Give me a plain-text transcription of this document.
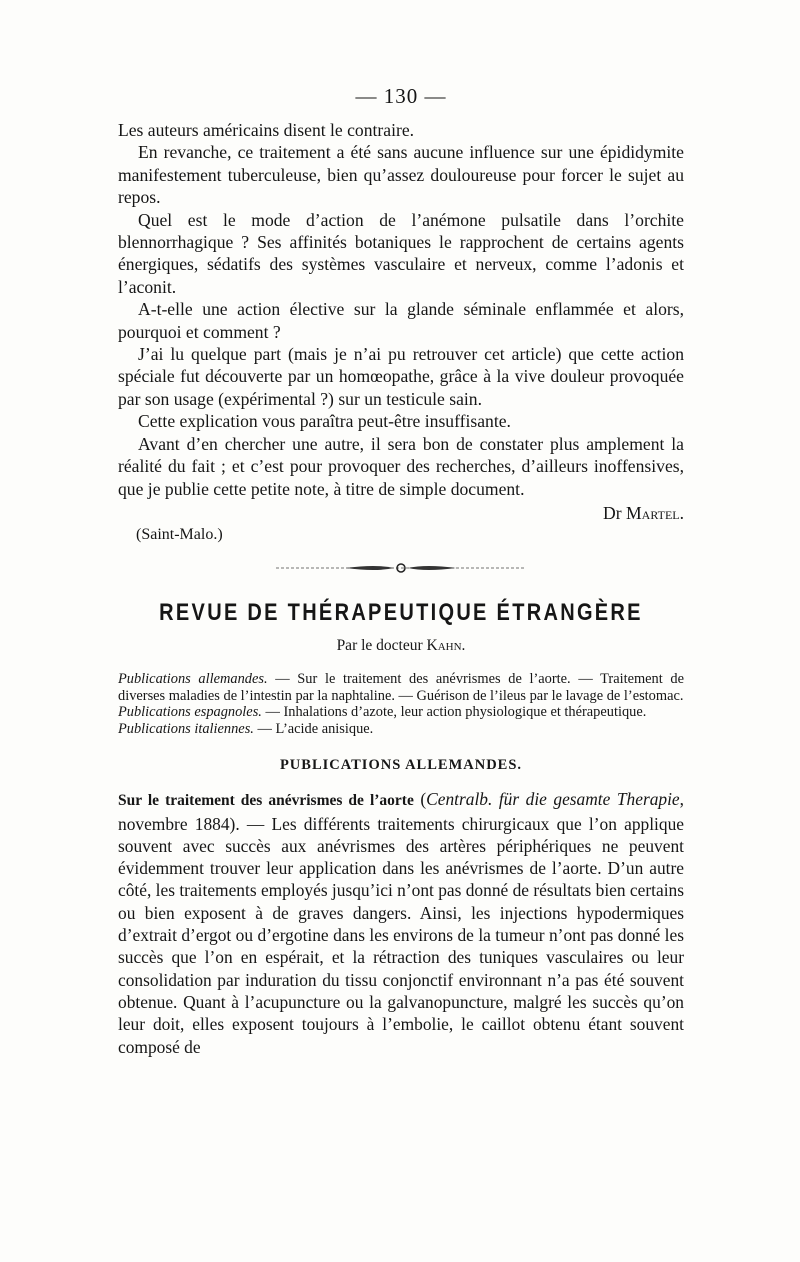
— 130 —

Les auteurs américains disent le contraire.

En revanche, ce traitement a été sans aucune influence sur une épididymite manifestement tuberculeuse, bien qu’assez douloureuse pour forcer le sujet au repos.

Quel est le mode d’action de l’anémone pulsatile dans l’orchite blennorrhagique ? Ses affinités botaniques le rapprochent de certains agents énergiques, sédatifs des systèmes vasculaire et nerveux, comme l’adonis et l’aconit.

A-t-elle une action élective sur la glande séminale enflammée et alors, pourquoi et comment ?

J’ai lu quelque part (mais je n’ai pu retrouver cet article) que cette action spéciale fut découverte par un homœopathe, grâce à la vive douleur provoquée par son usage (expérimental ?) sur un testicule sain.

Cette explication vous paraîtra peut-être insuffisante.

Avant d’en chercher une autre, il sera bon de constater plus amplement la réalité du fait ; et c’est pour provoquer des recherches, d’ailleurs inoffensives, que je publie cette petite note, à titre de simple document.

Dr Martel.
(Saint-Malo.)
REVUE DE THÉRAPEUTIQUE ÉTRANGÈRE
Par le docteur Kahn.

Publications allemandes. — Sur le traitement des anévrismes de l’aorte. — Traitement de diverses maladies de l’intestin par la naphtaline. — Guérison de l’ileus par le lavage de l’estomac.

Publications espagnoles. — Inhalations d’azote, leur action physiologique et thérapeutique.

Publications italiennes. — L’acide anisique.

PUBLICATIONS ALLEMANDES.

Sur le traitement des anévrismes de l’aorte (Centralb. für die gesamte Therapie, novembre 1884). — Les différents traitements chirurgicaux que l’on applique souvent avec succès aux anévrismes des artères périphériques ne peuvent évidemment trouver leur application dans les anévrismes de l’aorte. D’un autre côté, les traitements employés jusqu’ici n’ont pas donné de résultats bien certains ou bien exposent à de graves dangers. Ainsi, les injections hypodermiques d’extrait d’ergot ou d’ergotine dans les environs de la tumeur n’ont pas donné les succès que l’on en espérait, et la rétraction des tuniques vasculaires ou leur consolidation par induration du tissu conjonctif environnant n’a pas été souvent obtenue. Quant à l’acupuncture ou la galvanopuncture, malgré les succès qu’on leur doit, elles exposent toujours à l’embolie, le caillot obtenu étant souvent composé de
